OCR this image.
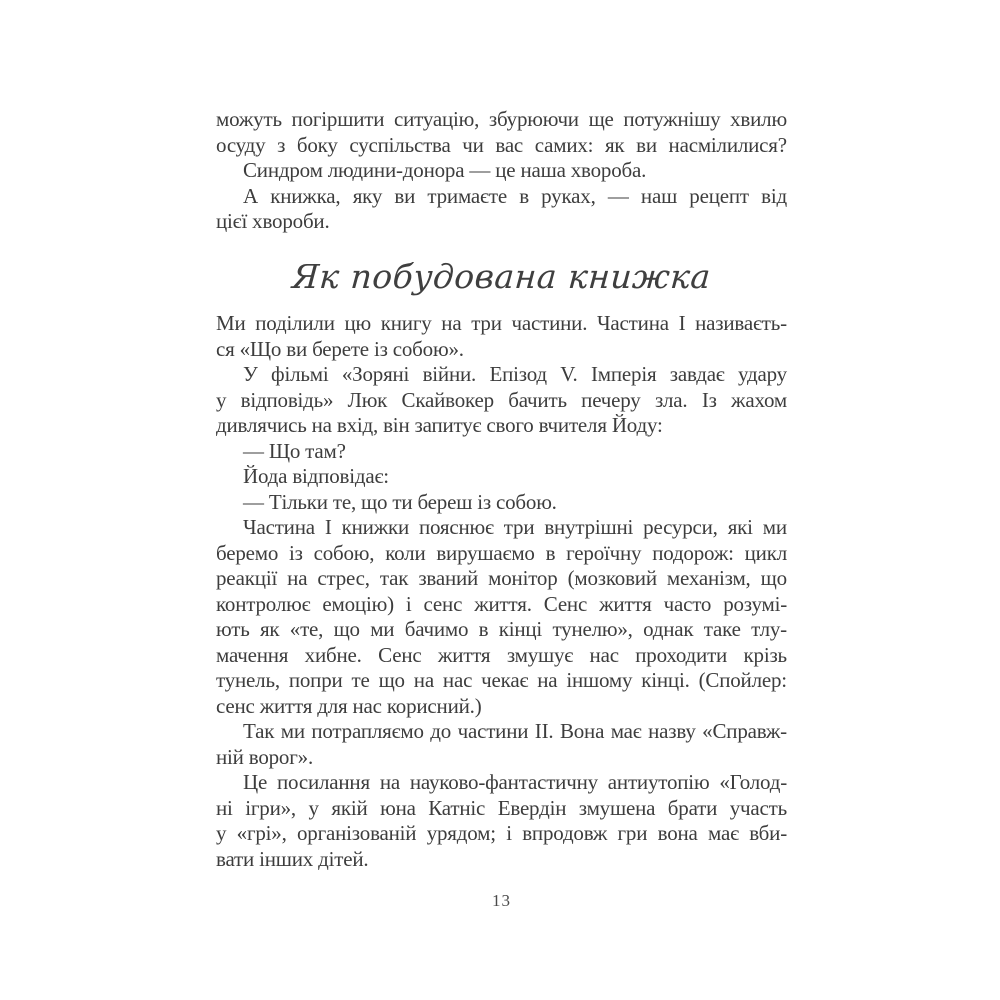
можуть погіршити ситуацію, збурюючи ще потужнішу хвилю
осуду з боку суспільства чи вас самих: як ви насмілилися?
Синдром людини-донора — це наша хвороба.
А книжка, яку ви тримаєте в руках, — наш рецепт від
цієї хвороби.
Як побудована книжка
Ми поділили цю книгу на три частини. Частина I називаєть-
ся «Що ви берете із собою».
У фільмі «Зоряні війни. Епізод V. Імперія завдає удару
у відповідь» Люк Скайвокер бачить печеру зла. Із жахом
дивлячись на вхід, він запитує свого вчителя Йоду:
— Що там?
Йода відповідає:
— Тільки те, що ти береш із собою.
Частина I книжки пояснює три внутрішні ресурси, які ми
беремо із собою, коли вирушаємо в героїчну подорож: цикл
реакції на стрес, так званий монітор (мозковий механізм, що
контролює емоцію) і сенс життя. Сенс життя часто розумі-
ють як «те, що ми бачимо в кінці тунелю», однак таке тлу-
мачення хибне. Сенс життя змушує нас проходити крізь
тунель, попри те що на нас чекає на іншому кінці. (Спойлер:
сенс життя для нас корисний.)
Так ми потрапляємо до частини II. Вона має назву «Справж-
ній ворог».
Це посилання на науково-фантастичну антиутопію «Голод-
ні ігри», у якій юна Катніс Евердін змушена брати участь
у «грі», організованій урядом; і впродовж гри вона має вби-
вати інших дітей.
13
